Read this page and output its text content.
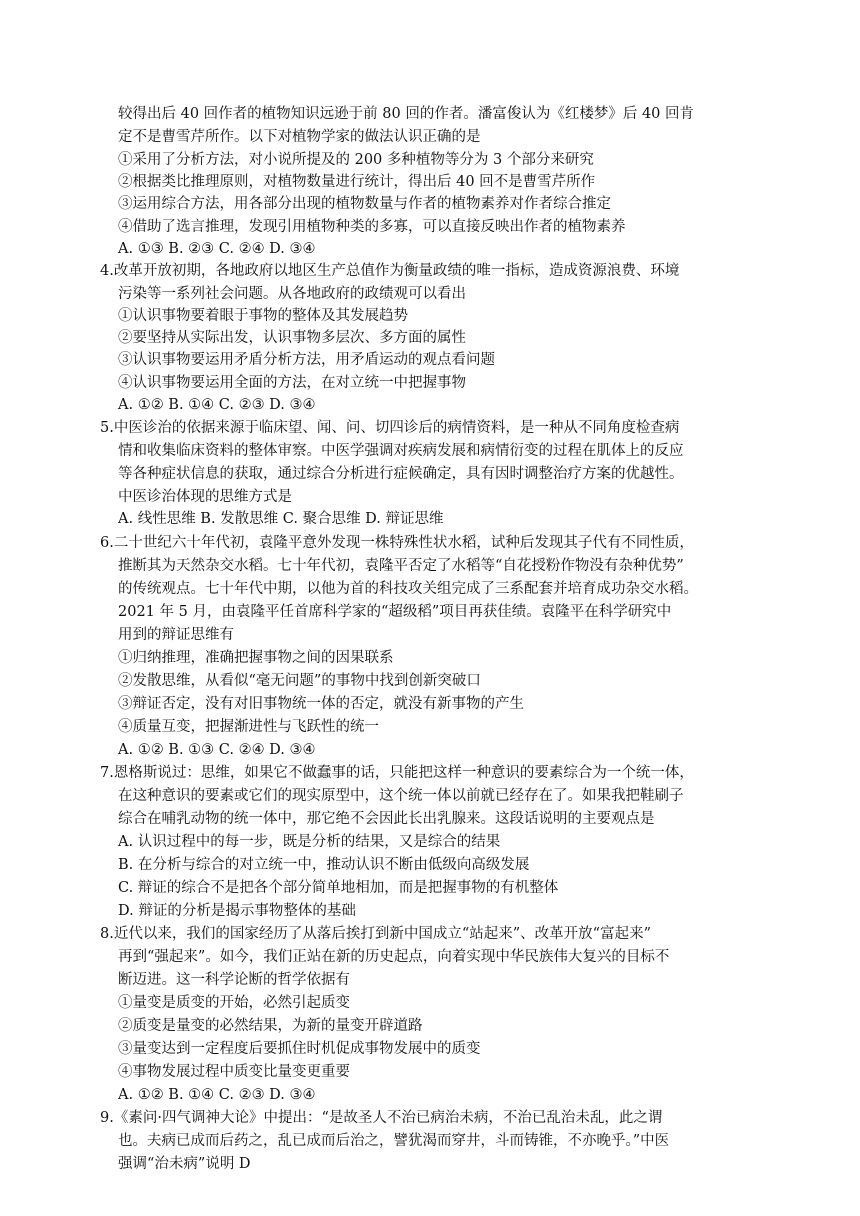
较得出后 40 回作者的植物知识远逊于前 80 回的作者。潘富俊认为《红楼梦》后 40 回肯
定不是曹雪芹所作。以下对植物学家的做法认识正确的是
①采用了分析方法，对小说所提及的 200 多种植物等分为 3 个部分来研究
②根据类比推理原则，对植物数量进行统计，得出后 40 回不是曹雪芹所作
③运用综合方法，用各部分出现的植物数量与作者的植物素养对作者综合推定
④借助了选言推理，发现引用植物种类的多寡，可以直接反映出作者的植物素养
A. ①③ B. ②③ C. ②④ D. ③④
4.改革开放初期，各地政府以地区生产总值作为衡量政绩的唯一指标，造成资源浪费、环境
污染等一系列社会问题。从各地政府的政绩观可以看出
①认识事物要着眼于事物的整体及其发展趋势
②要坚持从实际出发，认识事物多层次、多方面的属性
③认识事物要运用矛盾分析方法，用矛盾运动的观点看问题
④认识事物要运用全面的方法，在对立统一中把握事物
A. ①② B. ①④ C. ②③ D. ③④
5.中医诊治的依据来源于临床望、闻、问、切四诊后的病情资料，是一种从不同角度检查病
情和收集临床资料的整体审察。中医学强调对疾病发展和病情衍变的过程在肌体上的反应
等各种症状信息的获取，通过综合分析进行症候确定，具有因时调整治疗方案的优越性。
中医诊治体现的思维方式是
A. 线性思维 B. 发散思维 C. 聚合思维 D. 辩证思维
6.二十世纪六十年代初，袁隆平意外发现一株特殊性状水稻，试种后发现其子代有不同性质，
推断其为天然杂交水稻。七十年代初，袁隆平否定了水稻等“自花授粉作物没有杂种优势”
的传统观点。七十年代中期，以他为首的科技攻关组完成了三系配套并培育成功杂交水稻。
2021 年 5 月，由袁隆平任首席科学家的“超级稻”项目再获佳绩。袁隆平在科学研究中
用到的辩证思维有
①归纳推理，准确把握事物之间的因果联系
②发散思维，从看似“毫无问题”的事物中找到创新突破口
③辩证否定，没有对旧事物统一体的否定，就没有新事物的产生
④质量互变，把握渐进性与飞跃性的统一
A. ①② B. ①③ C. ②④ D. ③④
7.恩格斯说过：思维，如果它不做蠢事的话，只能把这样一种意识的要素综合为一个统一体，
在这种意识的要素或它们的现实原型中，这个统一体以前就已经存在了。如果我把鞋刷子
综合在哺乳动物的统一体中，那它绝不会因此长出乳腺来。这段话说明的主要观点是
A. 认识过程中的每一步，既是分析的结果，又是综合的结果
B. 在分析与综合的对立统一中，推动认识不断由低级向高级发展
C. 辩证的综合不是把各个部分简单地相加，而是把握事物的有机整体
D. 辩证的分析是揭示事物整体的基础
8.近代以来，我们的国家经历了从落后挨打到新中国成立“站起来”、改革开放“富起来”
再到“强起来”。如今，我们正站在新的历史起点，向着实现中华民族伟大复兴的目标不
断迈进。这一科学论断的哲学依据有
①量变是质变的开始，必然引起质变
②质变是量变的必然结果，为新的量变开辟道路
③量变达到一定程度后要抓住时机促成事物发展中的质变
④事物发展过程中质变比量变更重要
A. ①② B. ①④ C. ②③ D. ③④
9.《素问·四气调神大论》中提出：“是故圣人不治已病治未病，不治已乱治未乱，此之谓
也。夫病已成而后药之，乱已成而后治之，譬犹渴而穿井，斗而铸锥，不亦晚乎。”中医
强调“治未病”说明 D
